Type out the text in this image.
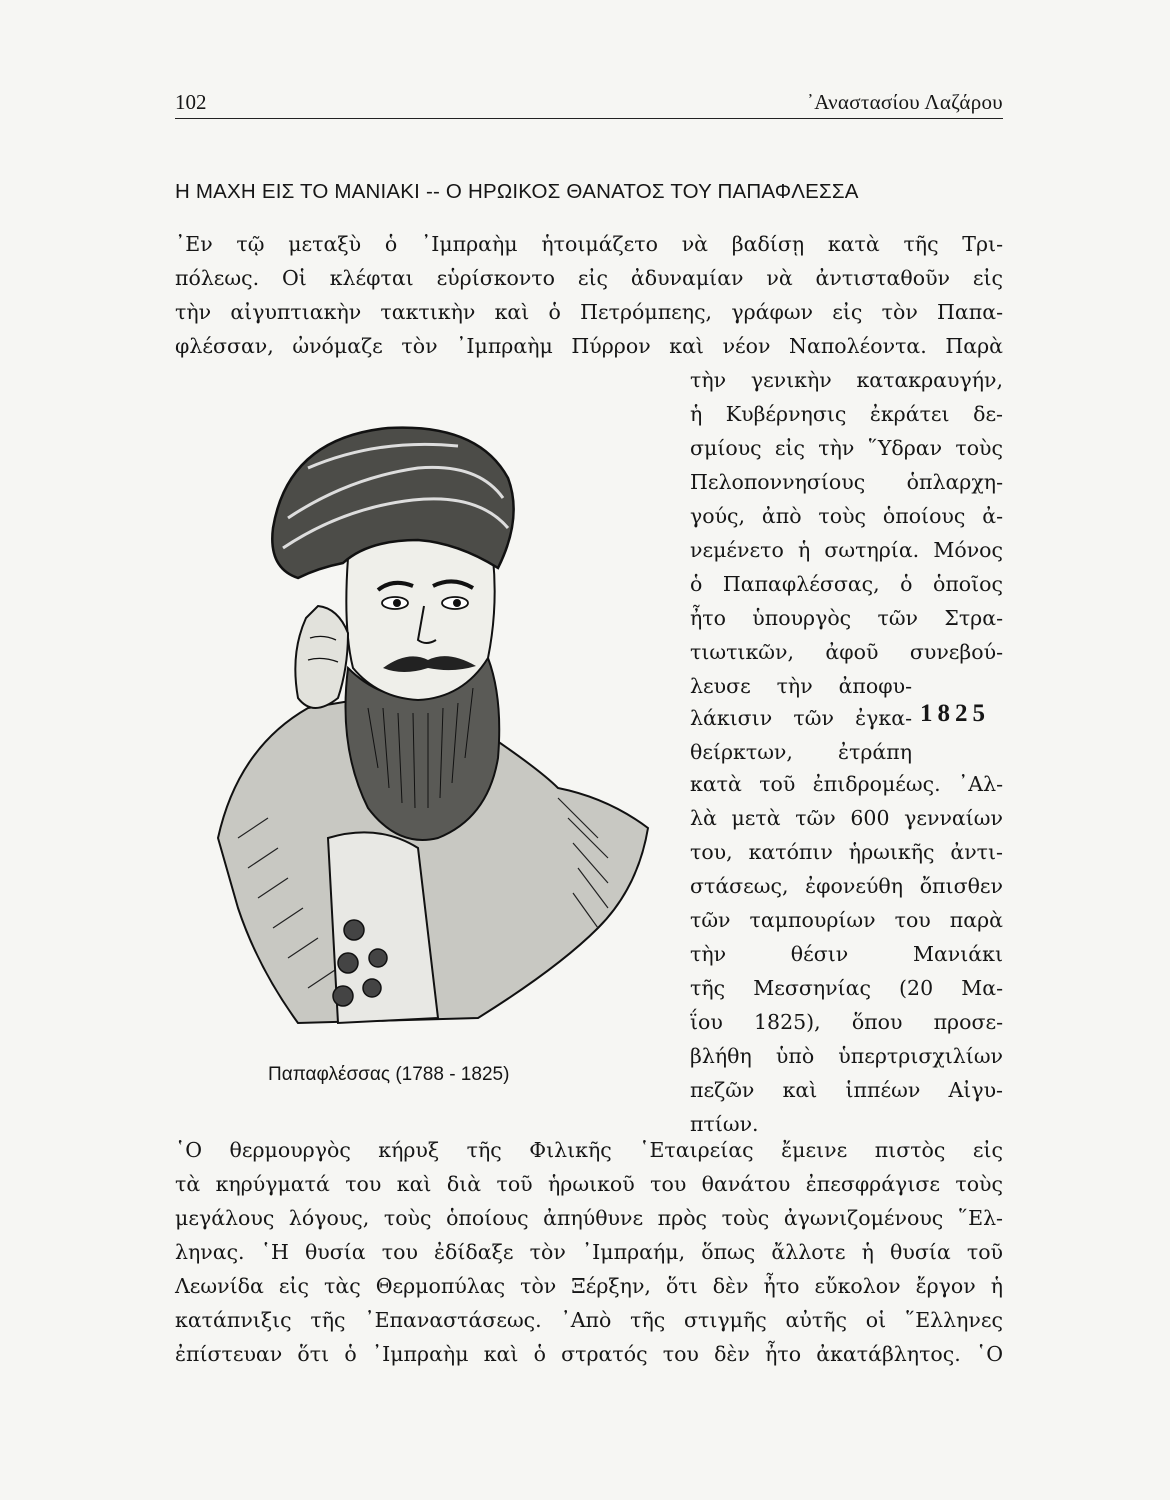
102	᾿Αναστασίου Λαζάρου
Η ΜΑΧΗ ΕΙΣ ΤΟ ΜΑΝΙΑΚΙ -- Ο ΗΡΩΙΚΟΣ ΘΑΝΑΤΟΣ ΤΟΥ ΠΑΠΑΦΛΕΣΣΑ
᾿Εν τῷ μεταξὺ ὁ ᾿Ιμπραὴμ ἡτοιμάζετο νὰ βαδίσῃ κατὰ τῆς Τρι-
πόλεως. Οἱ κλέφται εὑρίσκοντο εἰς ἀδυναμίαν νὰ ἀντισταθοῦν εἰς
τὴν αἰγυπτιακὴν τακτικὴν καὶ ὁ Πετρόμπεης, γράφων εἰς τὸν Παπα-
φλέσσαν, ὠνόμαζε τὸν ᾿Ιμπραὴμ Πύρρον καὶ νέον Ναπολέοντα. Παρὰ
τὴν γενικὴν κατακραυγήν,
ἡ Κυβέρνησις ἐκράτει δε-
σμίους εἰς τὴν ῞Υδραν τοὺς
Πελοποννησίους ὁπλαρχη-
γούς, ἀπὸ τοὺς ὁποίους ἀ-
νεμένετο ἡ σωτηρία. Μόνος
ὁ Παπαφλέσσας, ὁ ὁποῖος
ἦτο ὑπουργὸς τῶν Στρα-
τιωτικῶν, ἀφοῦ συνεβού-
λευσε τὴν ἀποφυ-
λάκισιν τῶν ἐγκα-
θείρκτων, ἐτράπη
κατὰ τοῦ ἐπιδρομέως. ᾿Αλ-
λὰ μετὰ τῶν 600 γενναίων
του, κατόπιν ἡρωικῆς ἀντι-
στάσεως, ἐφονεύθη ὄπισθεν
τῶν ταμπουρίων του παρὰ
τὴν θέσιν Μανιάκι
τῆς Μεσσηνίας (20 Μα-
ΐου 1825), ὅπου προσε-
βλήθη ὑπὸ ὑπερτρισχιλίων
πεζῶν καὶ ἱππέων Αἰγυ-
πτίων.
1825
Παπαφλέσσας (1788 - 1825)
῾Ο θερμουργὸς κήρυξ τῆς Φιλικῆς ῾Εταιρείας ἔμεινε πιστὸς εἰς
τὰ κηρύγματά του καὶ διὰ τοῦ ἡρωικοῦ του θανάτου ἐπεσφράγισε τοὺς
μεγάλους λόγους, τοὺς ὁποίους ἀπηύθυνε πρὸς τοὺς ἀγωνιζομένους ῞Ελ-
ληνας. ῾Η θυσία του ἐδίδαξε τὸν ᾿Ιμπραήμ, ὅπως ἄλλοτε ἡ θυσία τοῦ
Λεωνίδα εἰς τὰς Θερμοπύλας τὸν Ξέρξην, ὅτι δὲν ἦτο εὔκολον ἔργον ἡ
κατάπνιξις τῆς ᾿Επαναστάσεως. ᾿Απὸ τῆς στιγμῆς αὐτῆς οἱ ῞Ελληνες
ἐπίστευαν ὅτι ὁ ᾿Ιμπραὴμ καὶ ὁ στρατός του δὲν ἦτο ἀκατάβλητος. ῾Ο
